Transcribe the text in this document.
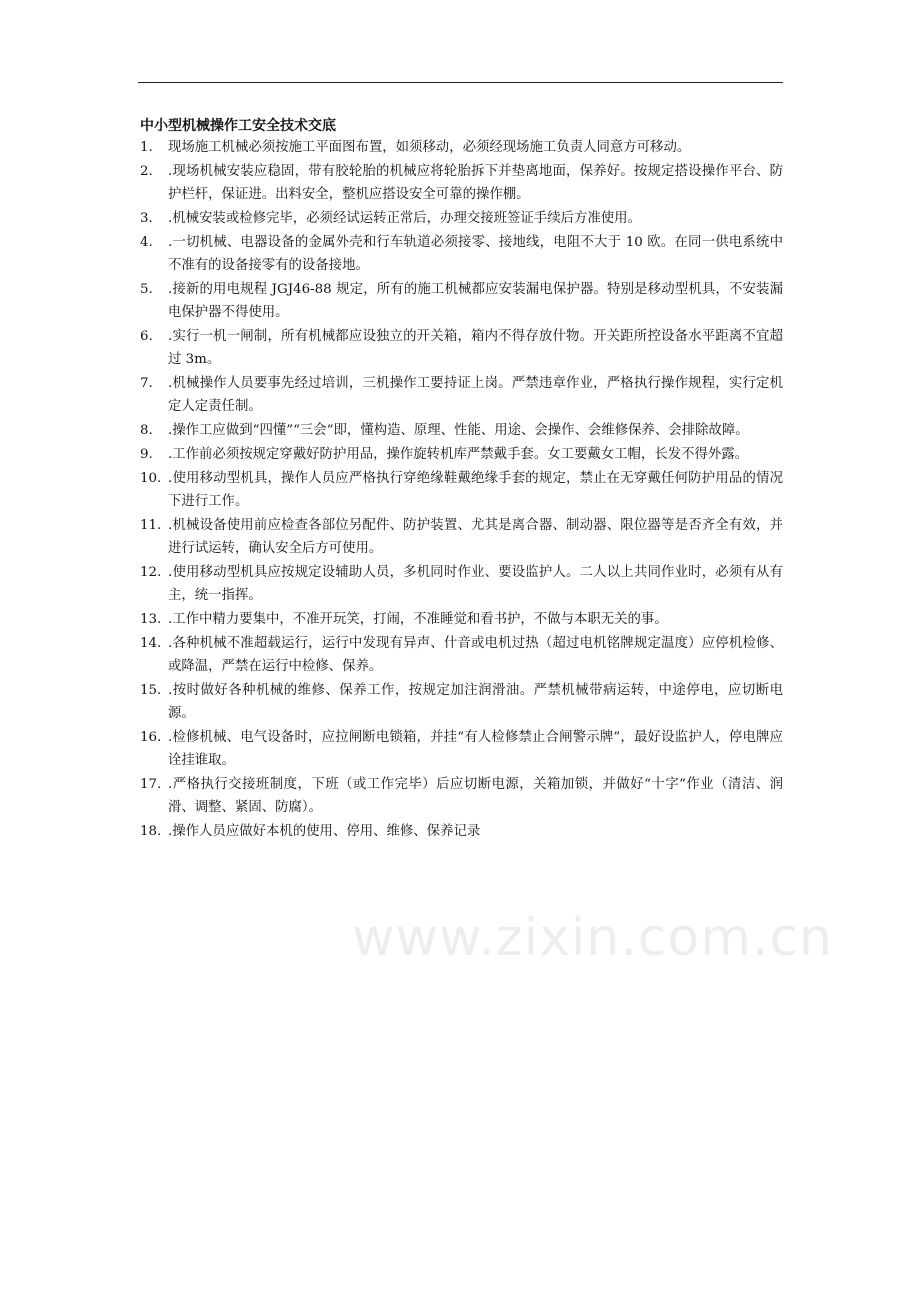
中小型机械操作工安全技术交底
1.	现场施工机械必须按施工平面图布置，如须移动，必须经现场施工负责人同意方可移动。
2.	.现场机械安装应稳固，带有胶轮胎的机械应将轮胎拆下并垫离地面，保养好。按规定搭设操作平台、防护栏杆，保证进。出料安全，整机应搭设安全可靠的操作棚。
3.	.机械安装或检修完毕，必须经试运转正常后，办理交接班签证手续后方准使用。
4.	.一切机械、电器设备的金属外壳和行车轨道必须接零、接地线，电阻不大于 10 欧。在同一供电系统中不准有的设备接零有的设备接地。
5.	.接新的用电规程 JGJ46-88 规定，所有的施工机械都应安装漏电保护器。特别是移动型机具，不安装漏电保护器不得使用。
6.	.实行一机一闸制，所有机械都应设独立的开关箱，箱内不得存放什物。开关距所控设备水平距离不宜超过 3m。
7.	.机械操作人员要事先经过培训，三机操作工要持证上岗。严禁违章作业，严格执行操作规程，实行定机定人定责任制。
8.	.操作工应做到“四懂”“三会”即，懂构造、原理、性能、用途、会操作、会维修保养、会排除故障。
9.	.工作前必须按规定穿戴好防护用品，操作旋转机库严禁戴手套。女工要戴女工帽，长发不得外露。
10. .使用移动型机具，操作人员应严格执行穿绝缘鞋戴绝缘手套的规定，禁止在无穿戴任何防护用品的情况下进行工作。
11. .机械设备使用前应检查各部位另配件、防护装置、尤其是离合器、制动器、限位器等是否齐全有效，并进行试运转，确认安全后方可使用。
12. .使用移动型机具应按规定设辅助人员，多机同时作业、要设监护人。二人以上共同作业时，必须有从有主，统一指挥。
13. .工作中精力要集中，不准开玩笑，打闹，不准睡觉和看书护，不做与本职无关的事。
14. .各种机械不准超载运行，运行中发现有异声、什音或电机过热（超过电机铭牌规定温度）应停机检修、或降温，严禁在运行中检修、保养。
15. .按时做好各种机械的维修、保养工作，按规定加注润滑油。严禁机械带病运转，中途停电，应切断电源。
16. .检修机械、电气设备时，应拉闸断电锁箱，并挂“有人检修禁止合闸警示牌”，最好设监护人，停电牌应诠挂谁取。
17. .严格执行交接班制度，下班（或工作完毕）后应切断电源，关箱加锁，并做好“十字”作业（清洁、润滑、调整、紧固、防腐）。
18. .操作人员应做好本机的使用、停用、维修、保养记录
www.zixin.com.cn
